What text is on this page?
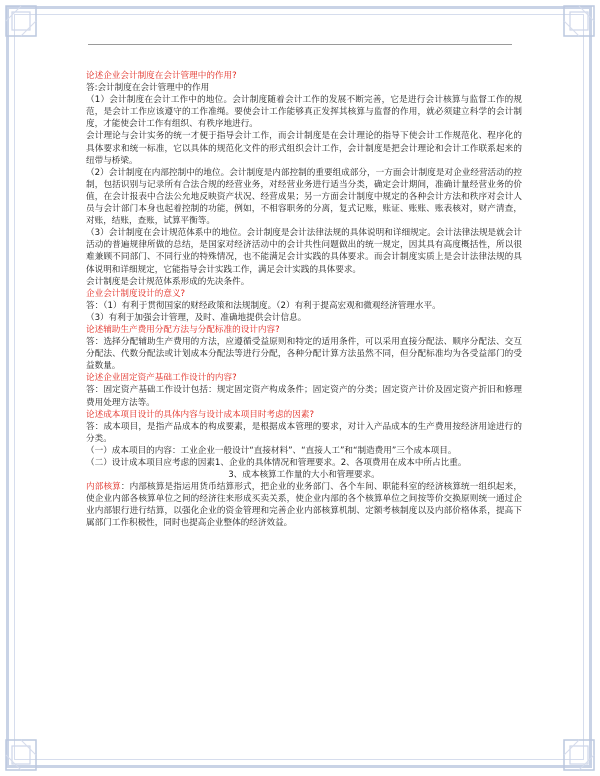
论述企业会计制度在会计管理中的作用?

答:会计制度在会计管理中的作用

（1）会计制度在会计工作中的地位。会计制度随着会计工作的发展不断完善，它是进行会计核算与监督工作的规范，是会计工作应该遵守的工作准绳。要使会计工作能够真正发挥其核算与监督的作用，就必须建立科学的会计制度，才能使会计工作有组织、有秩序地进行。

会计理论与会计实务的统一才便于指导会计工作，而会计制度是在会计理论的指导下使会计工作规范化、程序化的具体要求和统一标准，它以具体的规范化文件的形式组织会计工作，会计制度是把会计理论和会计工作联系起来的纽带与桥梁。

（2）会计制度在内部控制中的地位。会计制度是内部控制的重要组成部分，一方面会计制度是对企业经营活动的控制，包括识别与记录所有合法合规的经营业务，对经营业务进行适当分类，确定会计期间，准确计量经营业务的价值，在会计报表中合法公允地反映资产状况、经营成果；另一方面会计制度中规定的各种会计方法和秩序对会计人员与会计部门本身也起着控制的功能，例如，不相容职务的分离，复式记账，账证、账账、账表核对，财产清查，对账，结账，查账，试算平衡等。

（3）会计制度在会计规范体系中的地位。会计制度是会计法律法规的具体说明和详细规定。会计法律法规是就会计活动的普遍规律所做的总结，是国家对经济活动中的会计共性问题做出的统一规定，因其具有高度概括性，所以很难兼顾不同部门、不同行业的特殊情况，也不能满足会计实践的具体要求。而会计制度实质上是会计法律法规的具体说明和详细规定，它能指导会计实践工作，满足会计实践的具体要求。

会计制度是会计规范体系形成的先决条件。

企业会计制度设计的意义?

答：（1）有利于贯彻国家的财经政策和法规制度。（2）有利于提高宏观和微观经济管理水平。

（3）有利于加强会计管理，及时、准确地提供会计信息。

论述辅助生产费用分配方法与分配标准的设计内容?

答：选择分配辅助生产费用的方法，应遵循受益原则和特定的适用条件，可以采用直接分配法、顺序分配法、交互分配法、代数分配法或计划成本分配法等进行分配，各种分配计算方法虽然不同，但分配标准均为各受益部门的受益数量。

论述企业固定资产基础工作设计的内容?

答：固定资产基础工作设计包括：规定固定资产构成条件；固定资产的分类；固定资产计价及固定资产折旧和修理费用处理方法等。

论述成本项目设计的具体内容与设计成本项目时考虑的因素?

答：成本项目，是指产品成本的构成要素，是根据成本管理的要求，对计入产品成本的生产费用按经济用途进行的分类。

（一）成本项目的内容：工业企业一般设计“直接材料”、“直接人工”和“制造费用”三个成本项目。

（二）设计成本项目应考虑的因素1、企业的具体情况和管理要求。2、各项费用在成本中所占比重。

3、成本核算工作量的大小和管理要求。

内部核算：内部核算是指运用货币结算形式，把企业的业务部门、各个车间、职能科室的经济核算统一组织起来，使企业内部各核算单位之间的经济往来形成买卖关系，使企业内部的各个核算单位之间按等价交换原则统一通过企业内部银行进行结算，以强化企业的资金管理和完善企业内部核算机制、定额考核制度以及内部价格体系，提高下属部门工作积极性，同时也提高企业整体的经济效益。
